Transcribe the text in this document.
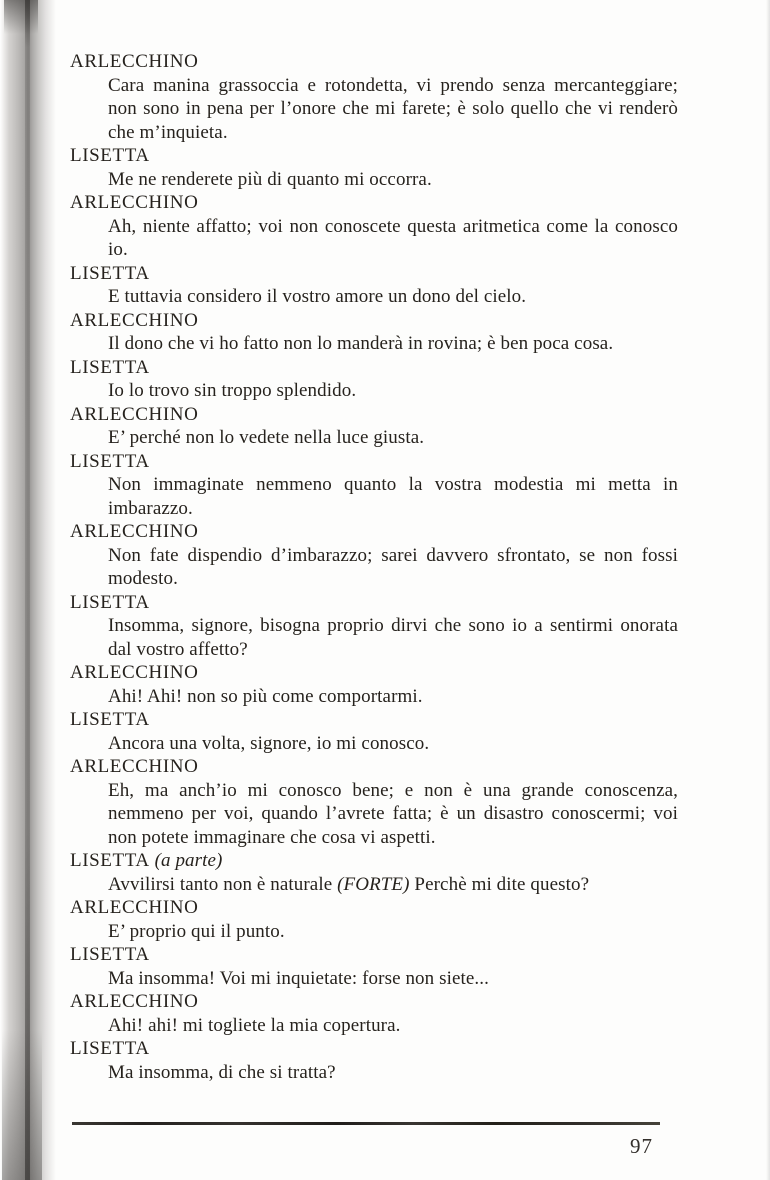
ARLECCHINO

Cara manina grassoccia e rotondetta, vi prendo senza mercanteggiare; non sono in pena per l’onore che mi farete; è solo quello che vi renderò che m’inquieta.

LISETTA

Me ne renderete più di quanto mi occorra.

ARLECCHINO

Ah, niente affatto; voi non conoscete questa aritmetica come la conosco io.

LISETTA

E tuttavia considero il vostro amore un dono del cielo.

ARLECCHINO

Il dono che vi ho fatto non lo manderà in rovina; è ben poca cosa.

LISETTA

Io lo trovo sin troppo splendido.

ARLECCHINO

E’ perché non lo vedete nella luce giusta.

LISETTA

Non immaginate nemmeno quanto la vostra modestia mi metta in imbarazzo.

ARLECCHINO

Non fate dispendio d’imbarazzo; sarei davvero sfrontato, se non fossi modesto.

LISETTA

Insomma, signore, bisogna proprio dirvi che sono io a sentirmi onorata dal vostro affetto?

ARLECCHINO

Ahi! Ahi! non so più come comportarmi.

LISETTA

Ancora una volta, signore, io mi conosco.

ARLECCHINO

Eh, ma anch’io mi conosco bene; e non è una grande conoscenza, nemmeno per voi, quando l’avrete fatta; è un disastro conoscermi; voi non potete immaginare che cosa vi aspetti.

LISETTA (a parte)

Avvilirsi tanto non è naturale (FORTE) Perchè mi dite questo?

ARLECCHINO

E’ proprio qui il punto.

LISETTA

Ma insomma! Voi mi inquietate: forse non siete...

ARLECCHINO

Ahi! ahi! mi togliete la mia copertura.

LISETTA

Ma insomma, di che si tratta?

97
